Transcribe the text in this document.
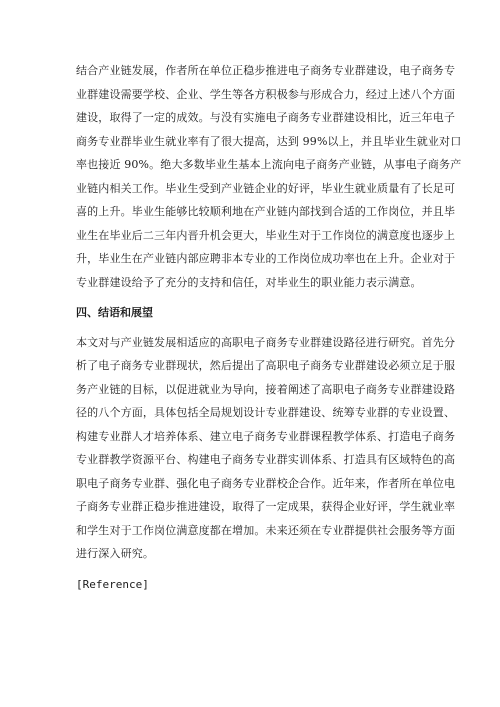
结合产业链发展，作者所在单位正稳步推进电子商务专业群建设，电子商务专

业群建设需要学校、企业、学生等各方积极参与形成合力，经过上述八个方面

建设，取得了一定的成效。与没有实施电子商务专业群建设相比，近三年电子

商务专业群毕业生就业率有了很大提高，达到 99%以上，并且毕业生就业对口

率也接近 90%。绝大多数毕业生基本上流向电子商务产业链，从事电子商务产

业链内相关工作。毕业生受到产业链企业的好评，毕业生就业质量有了长足可

喜的上升。毕业生能够比较顺利地在产业链内部找到合适的工作岗位，并且毕

业生在毕业后二三年内晋升机会更大，毕业生对于工作岗位的满意度也逐步上

升，毕业生在产业链内部应聘非本专业的工作岗位成功率也在上升。企业对于

专业群建设给予了充分的支持和信任，对毕业生的职业能力表示满意。

四、结语和展望

本文对与产业链发展相适应的高职电子商务专业群建设路径进行研究。首先分

析了电子商务专业群现状，然后提出了高职电子商务专业群建设必须立足于服

务产业链的目标，以促进就业为导向，接着阐述了高职电子商务专业群建设路

径的八个方面，具体包括全局规划设计专业群建设、统筹专业群的专业设置、

构建专业群人才培养体系、建立电子商务专业群课程教学体系、打造电子商务

专业群教学资源平台、构建电子商务专业群实训体系、打造具有区域特色的高

职电子商务专业群、强化电子商务专业群校企合作。近年来，作者所在单位电

子商务专业群正稳步推进建设，取得了一定成果，获得企业好评，学生就业率

和学生对于工作岗位满意度都在增加。未来还须在专业群提供社会服务等方面

进行深入研究。

[Reference]
